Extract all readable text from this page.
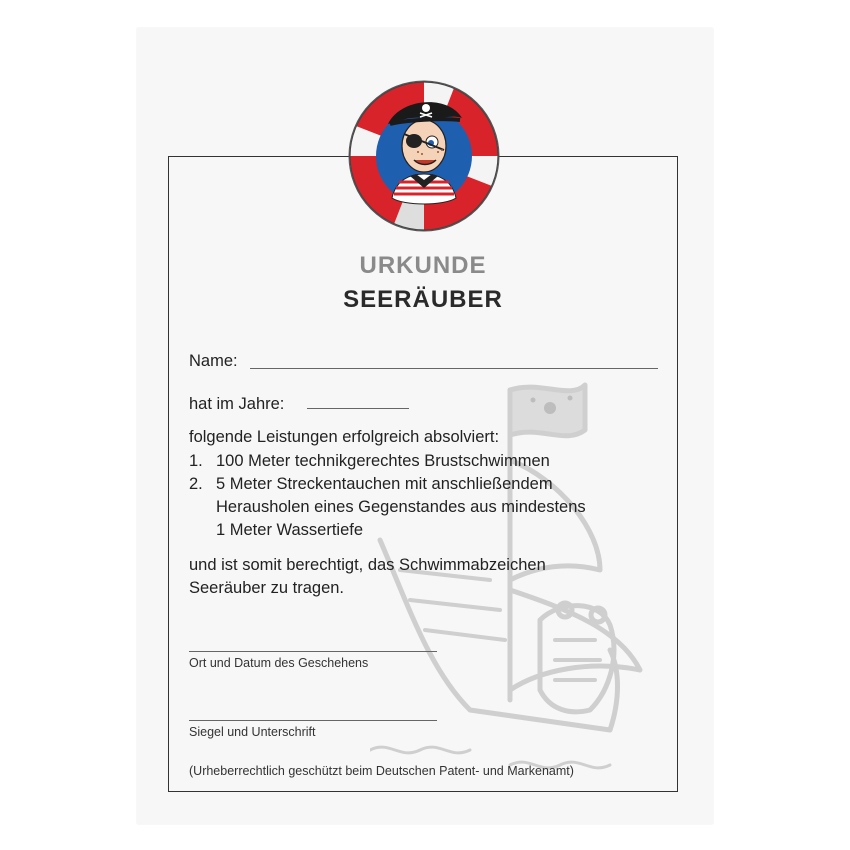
URKUNDE
SEERÄUBER
Name:
hat im Jahre:
folgende Leistungen erfolgreich absolviert:
1. 100 Meter technikgerechtes Brustschwimmen
2. 5 Meter Streckentauchen mit anschließendem
Herausholen eines Gegenstandes aus mindestens
1 Meter Wassertiefe
und ist somit berechtigt, das Schwimmabzeichen
Seeräuber zu tragen.
Ort und Datum des Geschehens
Siegel und Unterschrift
(Urheberrechtlich geschützt beim Deutschen Patent- und Markenamt)
